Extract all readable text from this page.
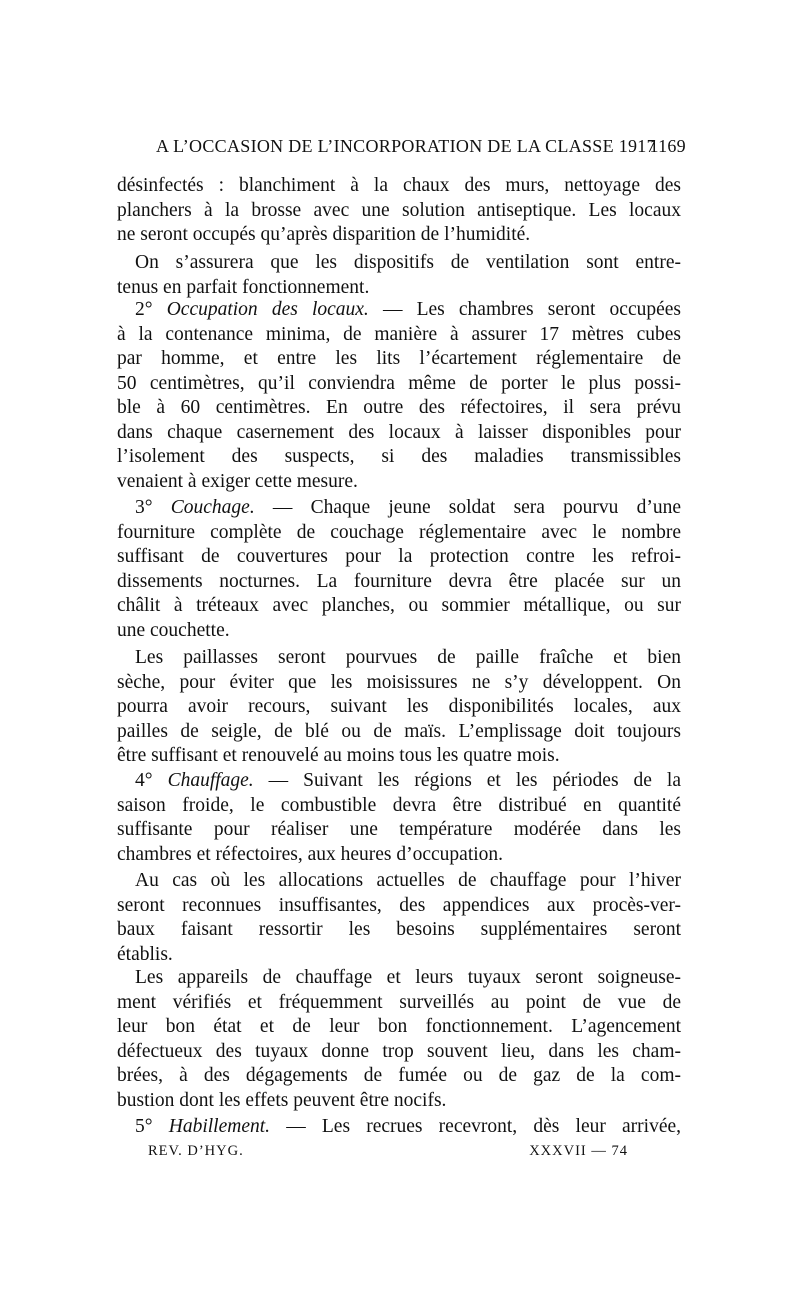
A L’OCCASION DE L’INCORPORATION DE LA CLASSE 1917
1169
désinfectés : blanchiment à la chaux des murs, nettoyage des
planchers à la brosse avec une solution antiseptique. Les locaux
ne seront occupés qu’après disparition de l’humidité.
On s’assurera que les dispositifs de ventilation sont entre-
tenus en parfait fonctionnement.
2° Occupation des locaux. — Les chambres seront occupées
à la contenance minima, de manière à assurer 17 mètres cubes
par homme, et entre les lits l’écartement réglementaire de
50 centimètres, qu’il conviendra même de porter le plus possi-
ble à 60 centimètres. En outre des réfectoires, il sera prévu
dans chaque casernement des locaux à laisser disponibles pour
l’isolement des suspects, si des maladies transmissibles
venaient à exiger cette mesure.
3° Couchage. — Chaque jeune soldat sera pourvu d’une
fourniture complète de couchage réglementaire avec le nombre
suffisant de couvertures pour la protection contre les refroi-
dissements nocturnes. La fourniture devra être placée sur un
châlit à tréteaux avec planches, ou sommier métallique, ou sur
une couchette.
Les paillasses seront pourvues de paille fraîche et bien
sèche, pour éviter que les moisissures ne s’y développent. On
pourra avoir recours, suivant les disponibilités locales, aux
pailles de seigle, de blé ou de maïs. L’emplissage doit toujours
être suffisant et renouvelé au moins tous les quatre mois.
4° Chauffage. — Suivant les régions et les périodes de la
saison froide, le combustible devra être distribué en quantité
suffisante pour réaliser une température modérée dans les
chambres et réfectoires, aux heures d’occupation.
Au cas où les allocations actuelles de chauffage pour l’hiver
seront reconnues insuffisantes, des appendices aux procès-ver-
baux faisant ressortir les besoins supplémentaires seront
établis.
Les appareils de chauffage et leurs tuyaux seront soigneuse-
ment vérifiés et fréquemment surveillés au point de vue de
leur bon état et de leur bon fonctionnement. L’agencement
défectueux des tuyaux donne trop souvent lieu, dans les cham-
brées, à des dégagements de fumée ou de gaz de la com-
bustion dont les effets peuvent être nocifs.
5° Habillement. — Les recrues recevront, dès leur arrivée,
REV. D’HYG.	XXXVII — 74
